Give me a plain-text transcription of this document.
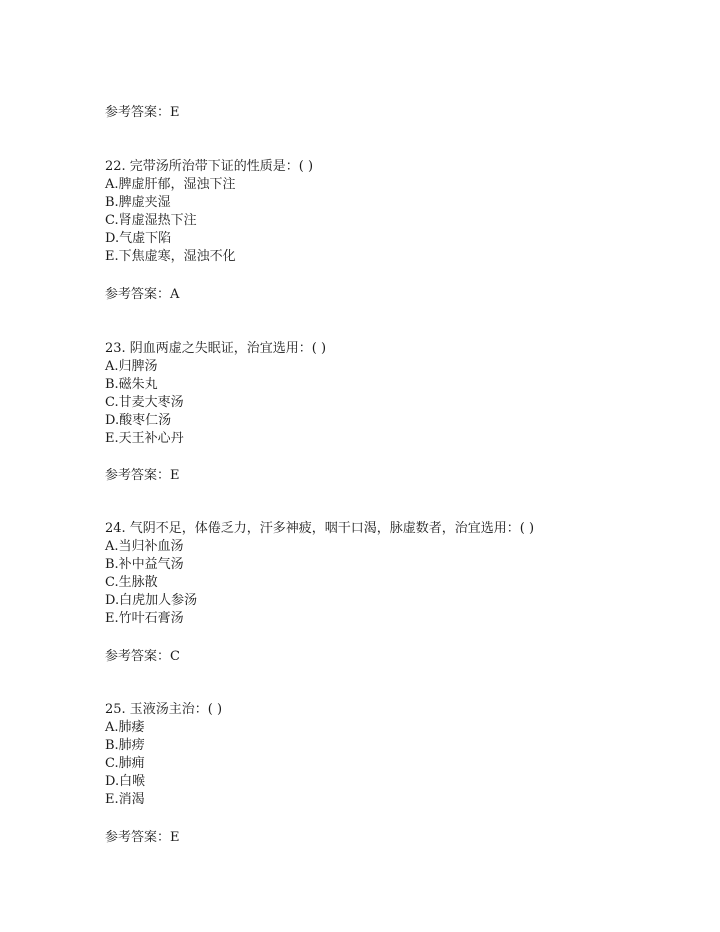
参考答案：E
22. 完带汤所治带下证的性质是：( )
A.脾虚肝郁，湿浊下注
B.脾虚夹湿
C.肾虚湿热下注
D.气虚下陷
E.下焦虚寒，湿浊不化
参考答案：A
23. 阴血两虚之失眠证，治宜选用：( )
A.归脾汤
B.磁朱丸
C.甘麦大枣汤
D.酸枣仁汤
E.天王补心丹
参考答案：E
24. 气阴不足，体倦乏力，汗多神疲，咽干口渴，脉虚数者，治宜选用：( )
A.当归补血汤
B.补中益气汤
C.生脉散
D.白虎加人参汤
E.竹叶石膏汤
参考答案：C
25. 玉液汤主治：( )
A.肺痿
B.肺痨
C.肺痈
D.白喉
E.消渴
参考答案：E
